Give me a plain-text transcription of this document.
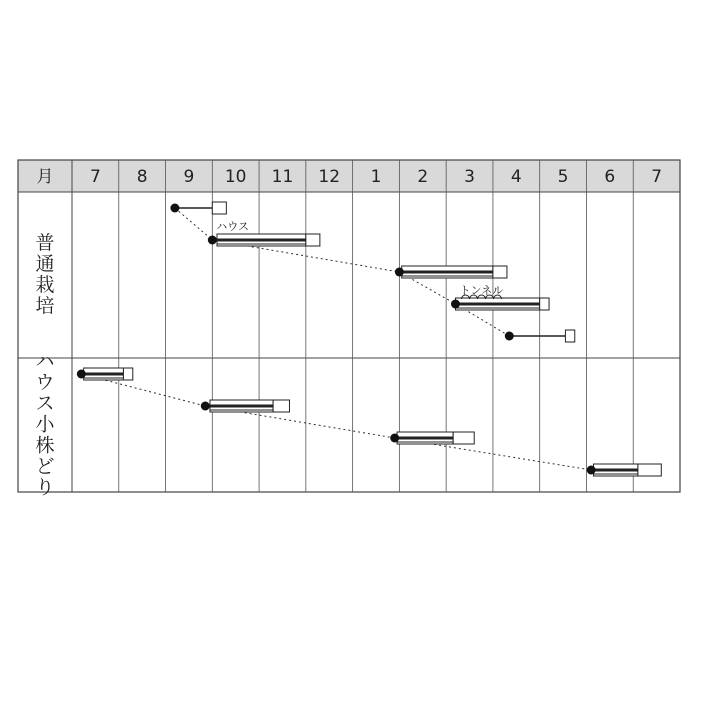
月 7 8 9 10 11 12 1 2 3 4 5 6 7
普
通
栽
培
ハ
ウ
ス
小
株
ど
り
ハウス
トンネル
